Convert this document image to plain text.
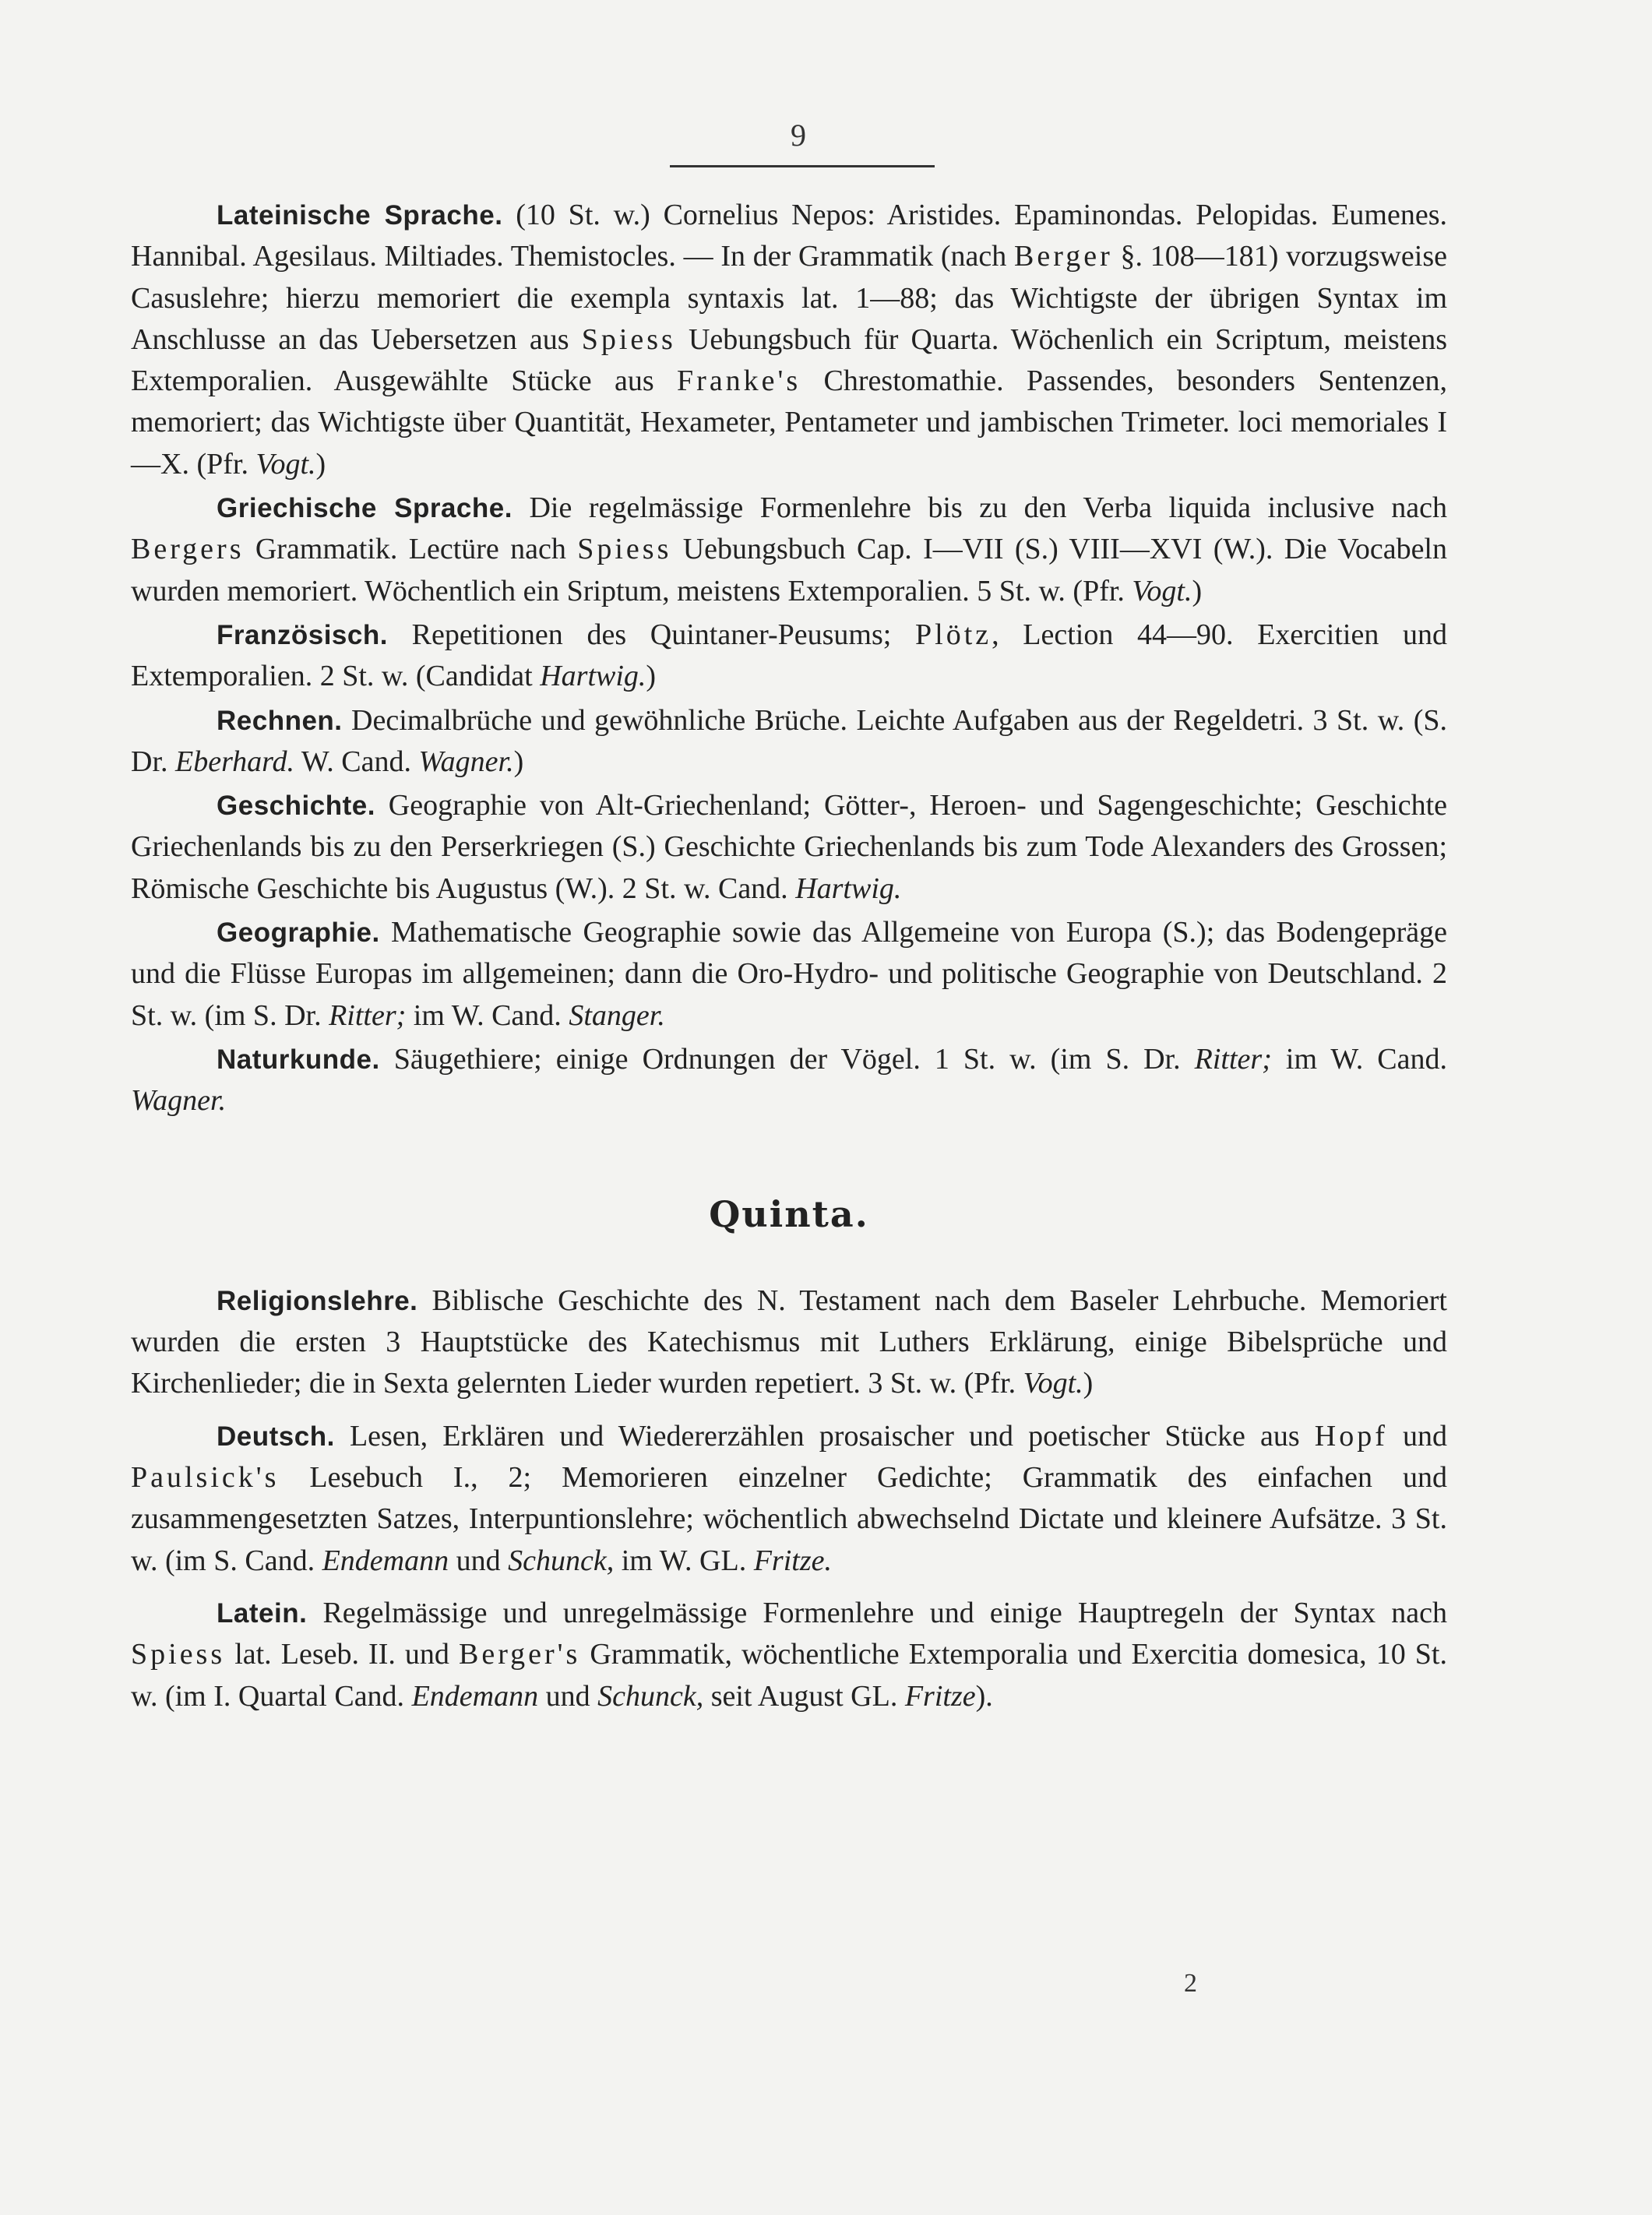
9

Lateinische Sprache. (10 St. w.) Cornelius Nepos: Aristides. Epaminondas. Pelopidas. Eumenes. Hannibal. Agesilaus. Miltiades. Themistocles. — In der Grammatik (nach Berger §. 108—181) vorzugsweise Casuslehre; hierzu memoriert die exempla syntaxis lat. 1—88; das Wichtigste der übrigen Syntax im Anschlusse an das Uebersetzen aus Spiess Uebungsbuch für Quarta. Wöchenlich ein Scriptum, meistens Extemporalien. Ausgewählte Stücke aus Franke's Chrestomathie. Passendes, besonders Sentenzen, memoriert; das Wichtigste über Quantität, Hexameter, Pentameter und jambischen Trimeter. loci memoriales I—X. (Pfr. Vogt.)

Griechische Sprache. Die regelmässige Formenlehre bis zu den Verba liquida inclusive nach Bergers Grammatik. Lectüre nach Spiess Uebungsbuch Cap. I—VII (S.) VIII—XVI (W.). Die Vocabeln wurden memoriert. Wöchentlich ein Sriptum, meistens Extemporalien. 5 St. w. (Pfr. Vogt.)

Französisch. Repetitionen des Quintaner-Peusums; Plötz, Lection 44—90. Exercitien und Extemporalien. 2 St. w. (Candidat Hartwig.)

Rechnen. Decimalbrüche und gewöhnliche Brüche. Leichte Aufgaben aus der Regeldetri. 3 St. w. (S. Dr. Eberhard. W. Cand. Wagner.)

Geschichte. Geographie von Alt-Griechenland; Götter-, Heroen- und Sagengeschichte; Geschichte Griechenlands bis zu den Perserkriegen (S.) Geschichte Griechenlands bis zum Tode Alexanders des Grossen; Römische Geschichte bis Augustus (W.). 2 St. w. Cand. Hartwig.

Geographie. Mathematische Geographie sowie das Allgemeine von Europa (S.); das Bodengepräge und die Flüsse Europas im allgemeinen; dann die Oro-Hydro- und politische Geographie von Deutschland. 2 St. w. (im S. Dr. Ritter; im W. Cand. Stanger.

Naturkunde. Säugethiere; einige Ordnungen der Vögel. 1 St. w. (im S. Dr. Ritter; im W. Cand. Wagner.

Quinta.

Religionslehre. Biblische Geschichte des N. Testament nach dem Baseler Lehrbuche. Memoriert wurden die ersten 3 Hauptstücke des Katechismus mit Luthers Erklärung, einige Bibelsprüche und Kirchenlieder; die in Sexta gelernten Lieder wurden repetiert. 3 St. w. (Pfr. Vogt.)

Deutsch. Lesen, Erklären und Wiedererzählen prosaischer und poetischer Stücke aus Hopf und Paulsick's Lesebuch I., 2; Memorieren einzelner Gedichte; Grammatik des einfachen und zusammengesetzten Satzes, Interpuntionslehre; wöchentlich abwechselnd Dictate und kleinere Aufsätze. 3 St. w. (im S. Cand. Endemann und Schunck, im W. GL. Fritze.

Latein. Regelmässige und unregelmässige Formenlehre und einige Hauptregeln der Syntax nach Spiess lat. Leseb. II. und Berger's Grammatik, wöchentliche Extemporalia und Exercitia domesica, 10 St. w. (im I. Quartal Cand. Endemann und Schunck, seit August GL. Fritze).

2
